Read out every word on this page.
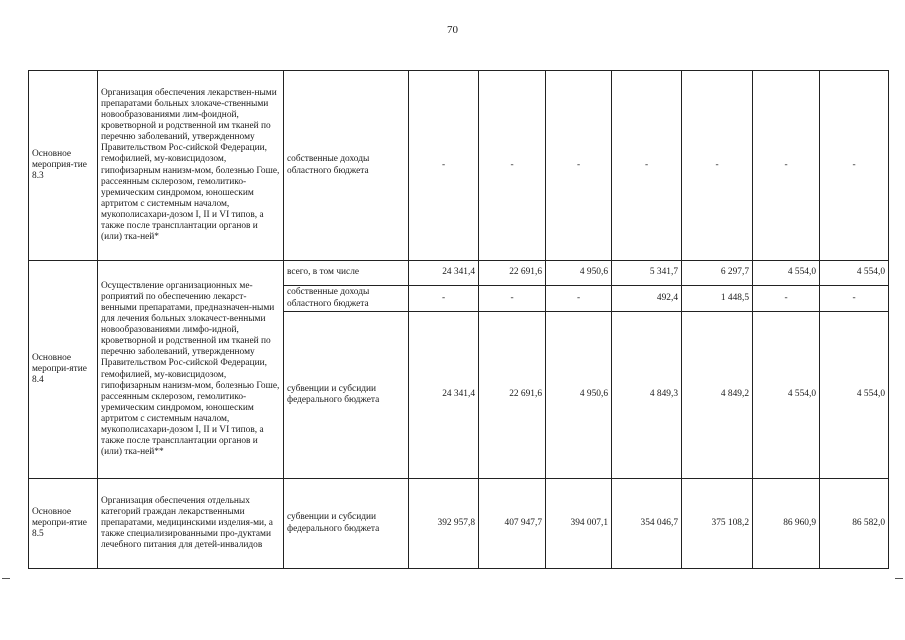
70
Основное мероприя-тие 8.3	Организация обеспечения лекарствен-ными препаратами больных злокаче-ственными новообразованиями лим-фоидной, кроветворной и родственной им тканей по перечню заболеваний, утвержденному Правительством Рос-сийской Федерации, гемофилией, му-ковисцидозом, гипофизарным нанизм-мом, болезнью Гоше, рассеянным склерозом, гемолитико-уремическим синдромом, юношеским артритом с системным началом, мукополисахари-дозом I, II и VI типов, а также после трансплантации органов и (или) тка-ней*	собственные доходы областного бюджета	-	-	-	-	-	-	-
Основное меропри-ятие 8.4	Осуществление организационных ме-роприятий по обеспечению лекарст-венными препаратами, предназначен-ными для лечения больных злокачест-венными новообразованиями лимфо-идной, кроветворной и родственной им тканей по перечню заболеваний, утвержденному Правительством Рос-сийской Федерации, гемофилией, му-ковисцидозом, гипофизарным нанизм-мом, болезнью Гоше, рассеянным склерозом, гемолитико-уремическим синдромом, юношеским артритом с системным началом, мукополисахари-дозом I, II и VI типов, а также после трансплантации органов и (или) тка-ней**	всего, в том числе	24 341,4	22 691,6	4 950,6	5 341,7	6 297,7	4 554,0	4 554,0
		собственные доходы областного бюджета	-	-	-	492,4	1 448,5	-	-
		субвенции и субсидии федерального бюджета	24 341,4	22 691,6	4 950,6	4 849,3	4 849,2	4 554,0	4 554,0
Основное меропри-ятие 8.5	Организация обеспечения отдельных категорий граждан лекарственными препаратами, медицинскими изделия-ми, а также специализированными про-дуктами лечебного питания для детей-инвалидов	субвенции и субсидии федерального бюджета	392 957,8	407 947,7	394 007,1	354 046,7	375 108,2	86 960,9	86 582,0
